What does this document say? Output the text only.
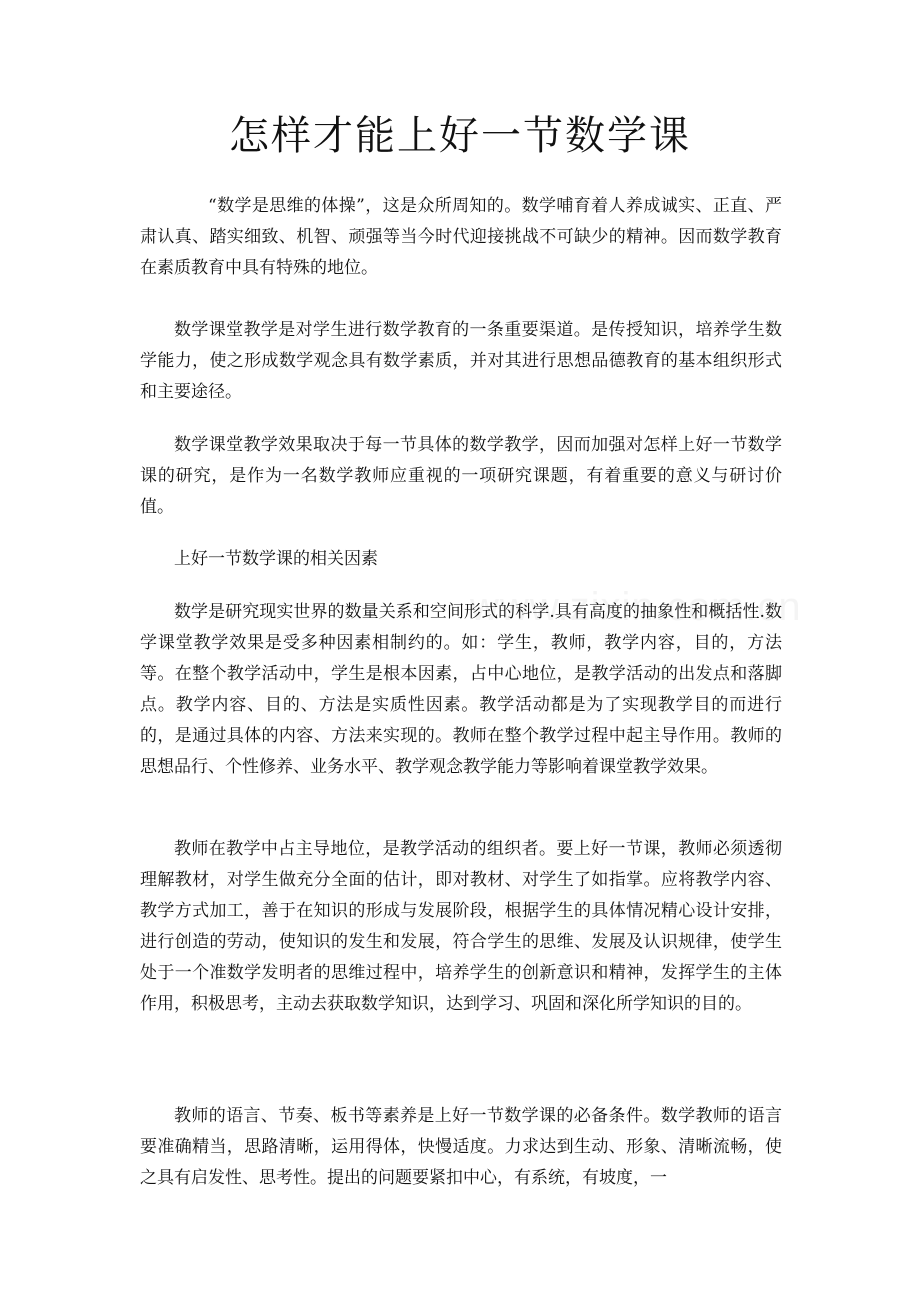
怎样才能上好一节数学课

“数学是思维的体操”，这是众所周知的。数学哺育着人养成诚实、正直、严肃认真、踏实细致、机智、顽强等当今时代迎接挑战不可缺少的精神。因而数学教育在素质教育中具有特殊的地位。

数学课堂教学是对学生进行数学教育的一条重要渠道。是传授知识，培养学生数学能力，使之形成数学观念具有数学素质，并对其进行思想品德教育的基本组织形式和主要途径。

数学课堂教学效果取决于每一节具体的数学教学，因而加强对怎样上好一节数学课的研究，是作为一名数学教师应重视的一项研究课题，有着重要的意义与研讨价值。

上好一节数学课的相关因素

数学是研究现实世界的数量关系和空间形式的科学.具有高度的抽象性和概括性.数学课堂教学效果是受多种因素相制约的。如：学生，教师，教学内容，目的，方法等。在整个教学活动中，学生是根本因素，占中心地位，是教学活动的出发点和落脚点。教学内容、目的、方法是实质性因素。教学活动都是为了实现教学目的而进行的，是通过具体的内容、方法来实现的。教师在整个教学过程中起主导作用。教师的思想品行、个性修养、业务水平、教学观念教学能力等影响着课堂教学效果。

教师在教学中占主导地位，是教学活动的组织者。要上好一节课，教师必须透彻理解教材，对学生做充分全面的估计，即对教材、对学生了如指掌。应将教学内容、教学方式加工，善于在知识的形成与发展阶段，根据学生的具体情况精心设计安排，进行创造的劳动，使知识的发生和发展，符合学生的思维、发展及认识规律，使学生处于一个准数学发明者的思维过程中，培养学生的创新意识和精神，发挥学生的主体作用，积极思考，主动去获取数学知识，达到学习、巩固和深化所学知识的目的。

教师的语言、节奏、板书等素养是上好一节数学课的必备条件。数学教师的语言要准确精当，思路清晰，运用得体，快慢适度。力求达到生动、形象、清晰流畅，使之具有启发性、思考性。提出的问题要紧扣中心，有系统，有坡度，一
